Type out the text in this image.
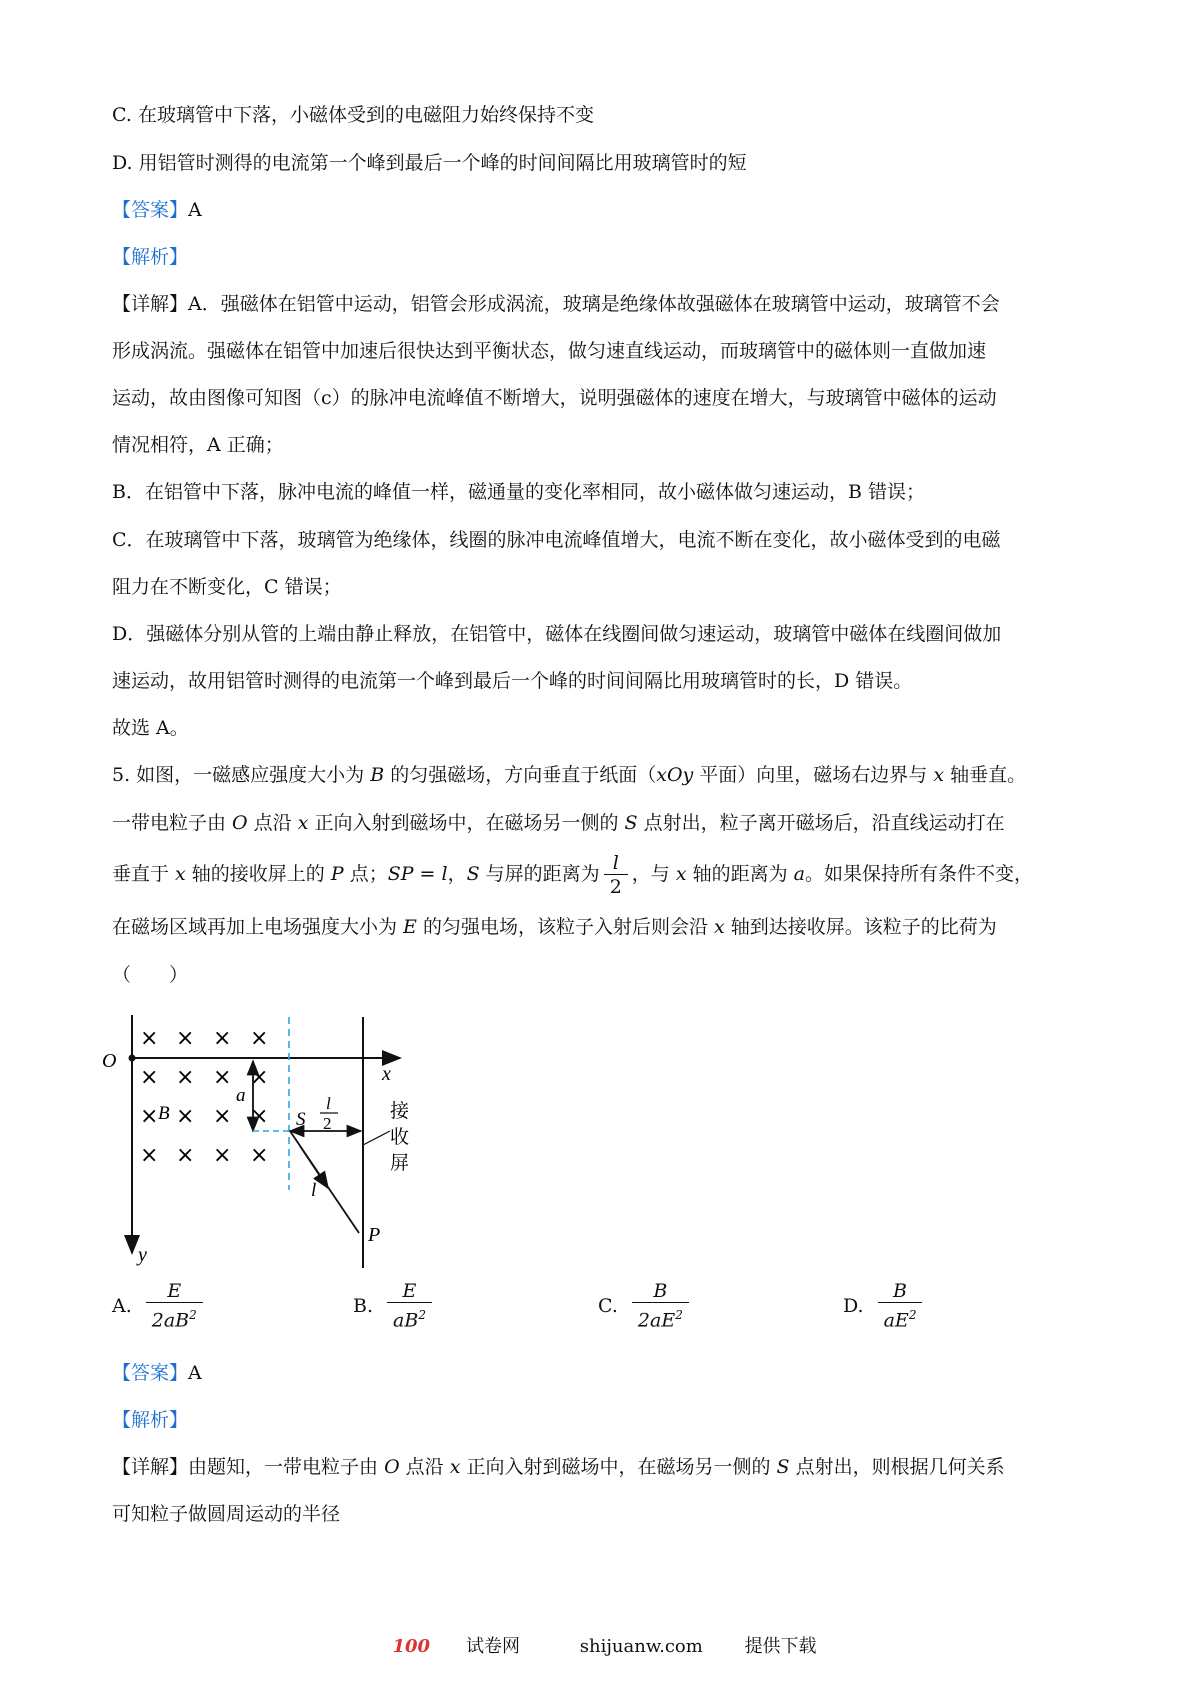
C. 在玻璃管中下落，小磁体受到的电磁阻力始终保持不变
D. 用铝管时测得的电流第一个峰到最后一个峰的时间间隔比用玻璃管时的短
【答案】A
【解析】
【详解】A．强磁体在铝管中运动，铝管会形成涡流，玻璃是绝缘体故强磁体在玻璃管中运动，玻璃管不会
形成涡流。强磁体在铝管中加速后很快达到平衡状态，做匀速直线运动，而玻璃管中的磁体则一直做加速
运动，故由图像可知图（c）的脉冲电流峰值不断增大，说明强磁体的速度在增大，与玻璃管中磁体的运动
情况相符，A 正确；
B．在铝管中下落，脉冲电流的峰值一样，磁通量的变化率相同，故小磁体做匀速运动，B 错误；
C．在玻璃管中下落，玻璃管为绝缘体，线圈的脉冲电流峰值增大，电流不断在变化，故小磁体受到的电磁
阻力在不断变化，C 错误；
D．强磁体分别从管的上端由静止释放，在铝管中，磁体在线圈间做匀速运动，玻璃管中磁体在线圈间做加
速运动，故用铝管时测得的电流第一个峰到最后一个峰的时间间隔比用玻璃管时的长，D 错误。
故选 A。
5. 如图，一磁感应强度大小为 B 的匀强磁场，方向垂直于纸面（xOy 平面）向里，磁场右边界与 x 轴垂直。
一带电粒子由 O 点沿 x 正向入射到磁场中，在磁场另一侧的 S 点射出，粒子离开磁场后，沿直线运动打在
垂直于 x 轴的接收屏上的 P 点；SP = l，S 与屏的距离为 $\frac{l}{2}$ ，与 x 轴的距离为 a。如果保持所有条件不变，
在磁场区域再加上电场强度大小为 E 的匀强电场，该粒子入射后则会沿 x 轴到达接收屏。该粒子的比荷为
（　　）
× × × ×
× × × ×
× × × ×
× × × ×
O
x
y
a
B	S
l
2
l
P
接
收
屏
A. $\frac{E}{2aB^2}$	B. $\frac{E}{aB^2}$	C. $\frac{B}{2aE^2}$	D. $\frac{B}{aE^2}$
【答案】A
【解析】
【详解】由题知，一带电粒子由 O 点沿 x 正向入射到磁场中，在磁场另一侧的 S 点射出，则根据几何关系
可知粒子做圆周运动的半径
100 试卷网	shijuanw.com 提供下载
